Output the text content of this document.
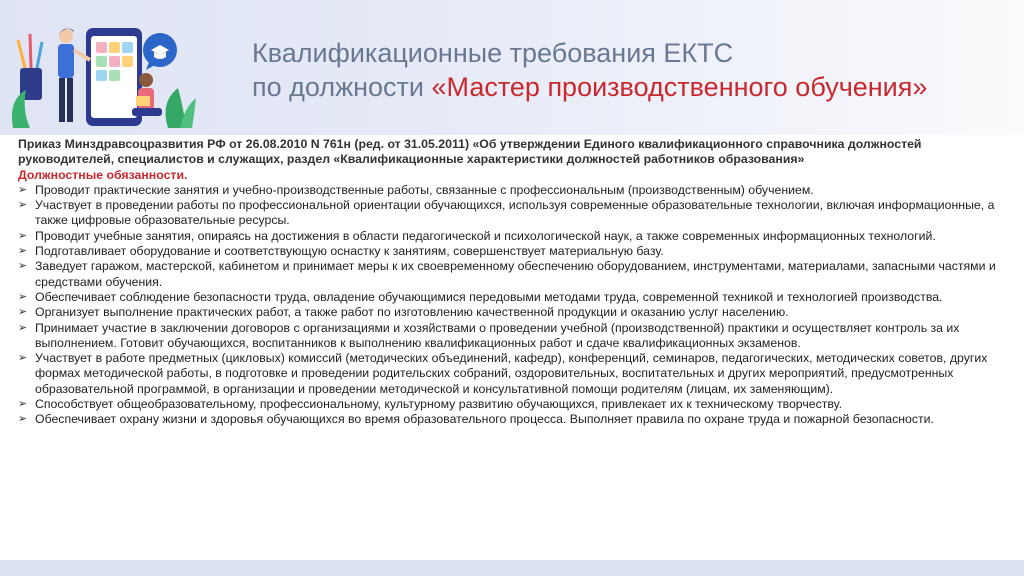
Квалификационные требования ЕКТС
по должности «Мастер производственного обучения»
Приказ Минздравсоцразвития РФ от 26.08.2010 N 761н (ред. от 31.05.2011) «Об утверждении Единого квалификационного справочника должностей руководителей, специалистов и служащих, раздел «Квалификационные характеристики должностей работников образования»
Должностные обязанности.
➢ Проводит практические занятия и учебно-производственные работы, связанные с профессиональным (производственным) обучением.
➢ Участвует в проведении работы по профессиональной ориентации обучающихся, используя современные образовательные технологии, включая информационные, а также цифровые образовательные ресурсы.
➢ Проводит учебные занятия, опираясь на достижения в области педагогической и психологической наук, а также современных информационных технологий.
➢ Подготавливает оборудование и соответствующую оснастку к занятиям, совершенствует материальную базу.
➢ Заведует гаражом, мастерской, кабинетом и принимает меры к их своевременному обеспечению оборудованием, инструментами, материалами, запасными частями и средствами обучения.
➢ Обеспечивает соблюдение безопасности труда, овладение обучающимися передовыми методами труда, современной техникой и технологией производства.
➢ Организует выполнение практических работ, а также работ по изготовлению качественной продукции и оказанию услуг населению.
➢ Принимает участие в заключении договоров с организациями и хозяйствами о проведении учебной (производственной) практики и осуществляет контроль за их выполнением. Готовит обучающихся, воспитанников к выполнению квалификационных работ и сдаче квалификационных экзаменов.
➢ Участвует в работе предметных (цикловых) комиссий (методических объединений, кафедр), конференций, семинаров, педагогических, методических советов, других формах методической работы, в подготовке и проведении родительских собраний, оздоровительных, воспитательных и других мероприятий, предусмотренных образовательной программой, в организации и проведении методической и консультативной помощи родителям (лицам, их заменяющим).
➢ Способствует общеобразовательному, профессиональному, культурному развитию обучающихся, привлекает их к техническому творчеству.
➢ Обеспечивает охрану жизни и здоровья обучающихся во время образовательного процесса. Выполняет правила по охране труда и пожарной безопасности.
